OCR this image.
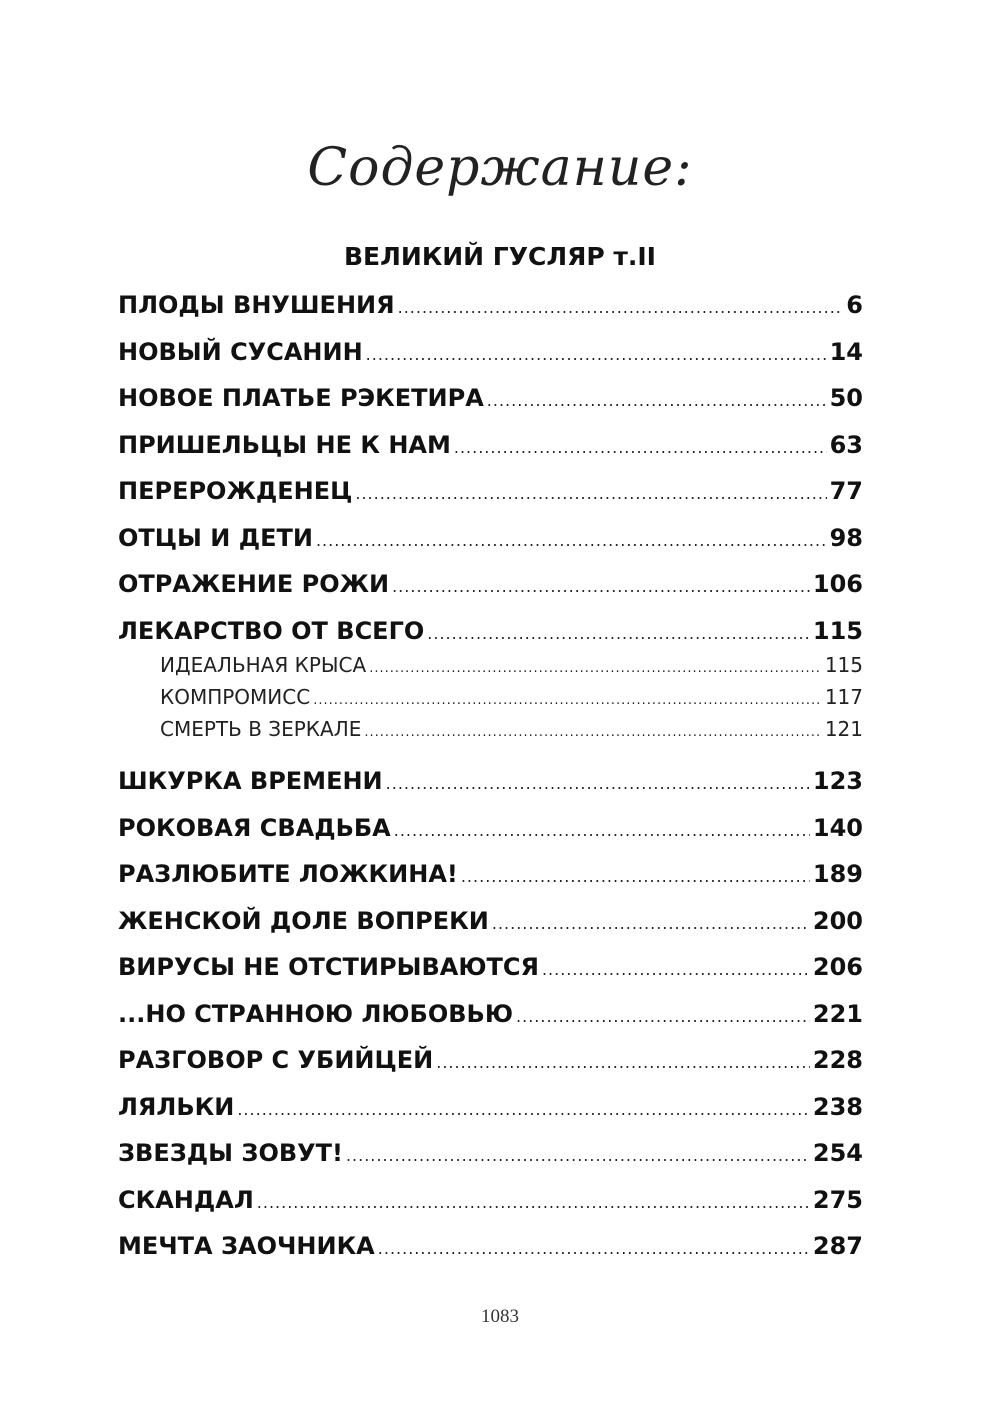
Содержание:
ВЕЛИКИЙ ГУСЛЯР т.II
ПЛОДЫ ВНУШЕНИЯ .....	6
НОВЫЙ СУСАНИН .....	14
НОВОЕ ПЛАТЬЕ РЭКЕТИРА .....	50
ПРИШЕЛЬЦЫ НЕ К НАМ .....	63
ПЕРЕРОЖДЕНЕЦ .....	77
ОТЦЫ И ДЕТИ .....	98
ОТРАЖЕНИЕ РОЖИ .....	106
ЛЕКАРСТВО ОТ ВСЕГО .....	115
ИДЕАЛЬНАЯ КРЫСА .....	115
КОМПРОМИСС .....	117
СМЕРТЬ В ЗЕРКАЛЕ .....	121
ШКУРКА ВРЕМЕНИ .....	123
РОКОВАЯ СВАДЬБА .....	140
РАЗЛЮБИТЕ ЛОЖКИНА! .....	189
ЖЕНСКОЙ ДОЛЕ ВОПРЕКИ .....	200
ВИРУСЫ НЕ ОТСТИРЫВАЮТСЯ .....	206
...НО СТРАННОЮ ЛЮБОВЬЮ .....	221
РАЗГОВОР С УБИЙЦЕЙ .....	228
ЛЯЛЬКИ .....	238
ЗВЕЗДЫ ЗОВУТ! .....	254
СКАНДАЛ .....	275
МЕЧТА ЗАОЧНИКА .....	287
1083
